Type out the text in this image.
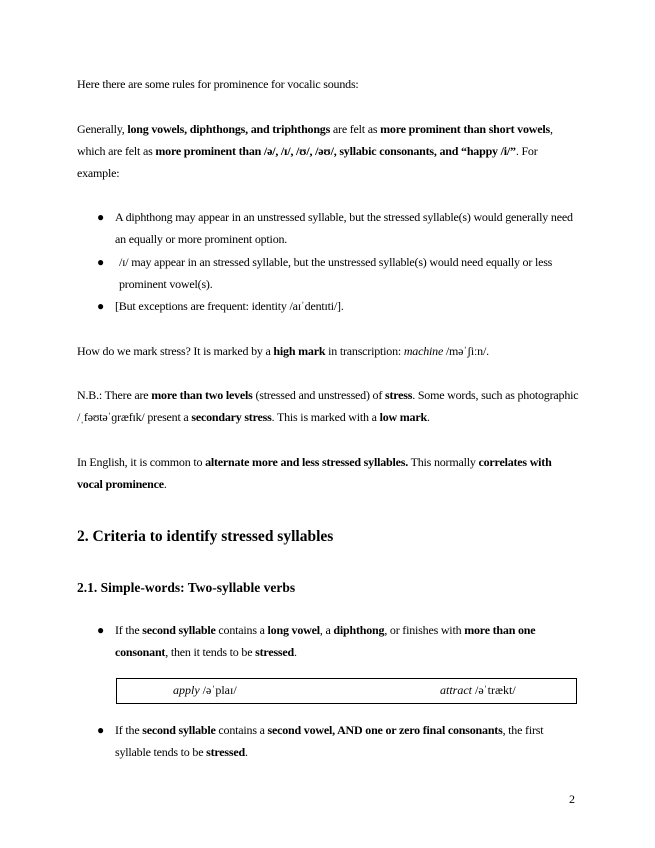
Here there are some rules for prominence for vocalic sounds:
Generally, long vowels, diphthongs, and triphthongs are felt as more prominent than short vowels, which are felt as more prominent than /ə/, /ɪ/, /ʊ/, /əʊ/, syllabic consonants, and “happy /i/”. For example:
● A diphthong may appear in an unstressed syllable, but the stressed syllable(s) would generally need an equally or more prominent option.
● /ɪ/ may appear in an stressed syllable, but the unstressed syllable(s) would need equally or less prominent vowel(s).
● [But exceptions are frequent: identity /aɪˈdentɪti/].
How do we mark stress? It is marked by a high mark in transcription: machine /məˈʃiːn/.
N.B.: There are more than two levels (stressed and unstressed) of stress. Some words, such as photographic /ˌfəʊtəˈɡræfɪk/ present a secondary stress. This is marked with a low mark.
In English, it is common to alternate more and less stressed syllables. This normally correlates with vocal prominence.
2. Criteria to identify stressed syllables
2.1. Simple-words: Two-syllable verbs
● If the second syllable contains a long vowel, a diphthong, or finishes with more than one consonant, then it tends to be stressed.
apply /əˈplaɪ/	attract /əˈtrækt/
● If the second syllable contains a second vowel, AND one or zero final consonants, the first syllable tends to be stressed.
2
